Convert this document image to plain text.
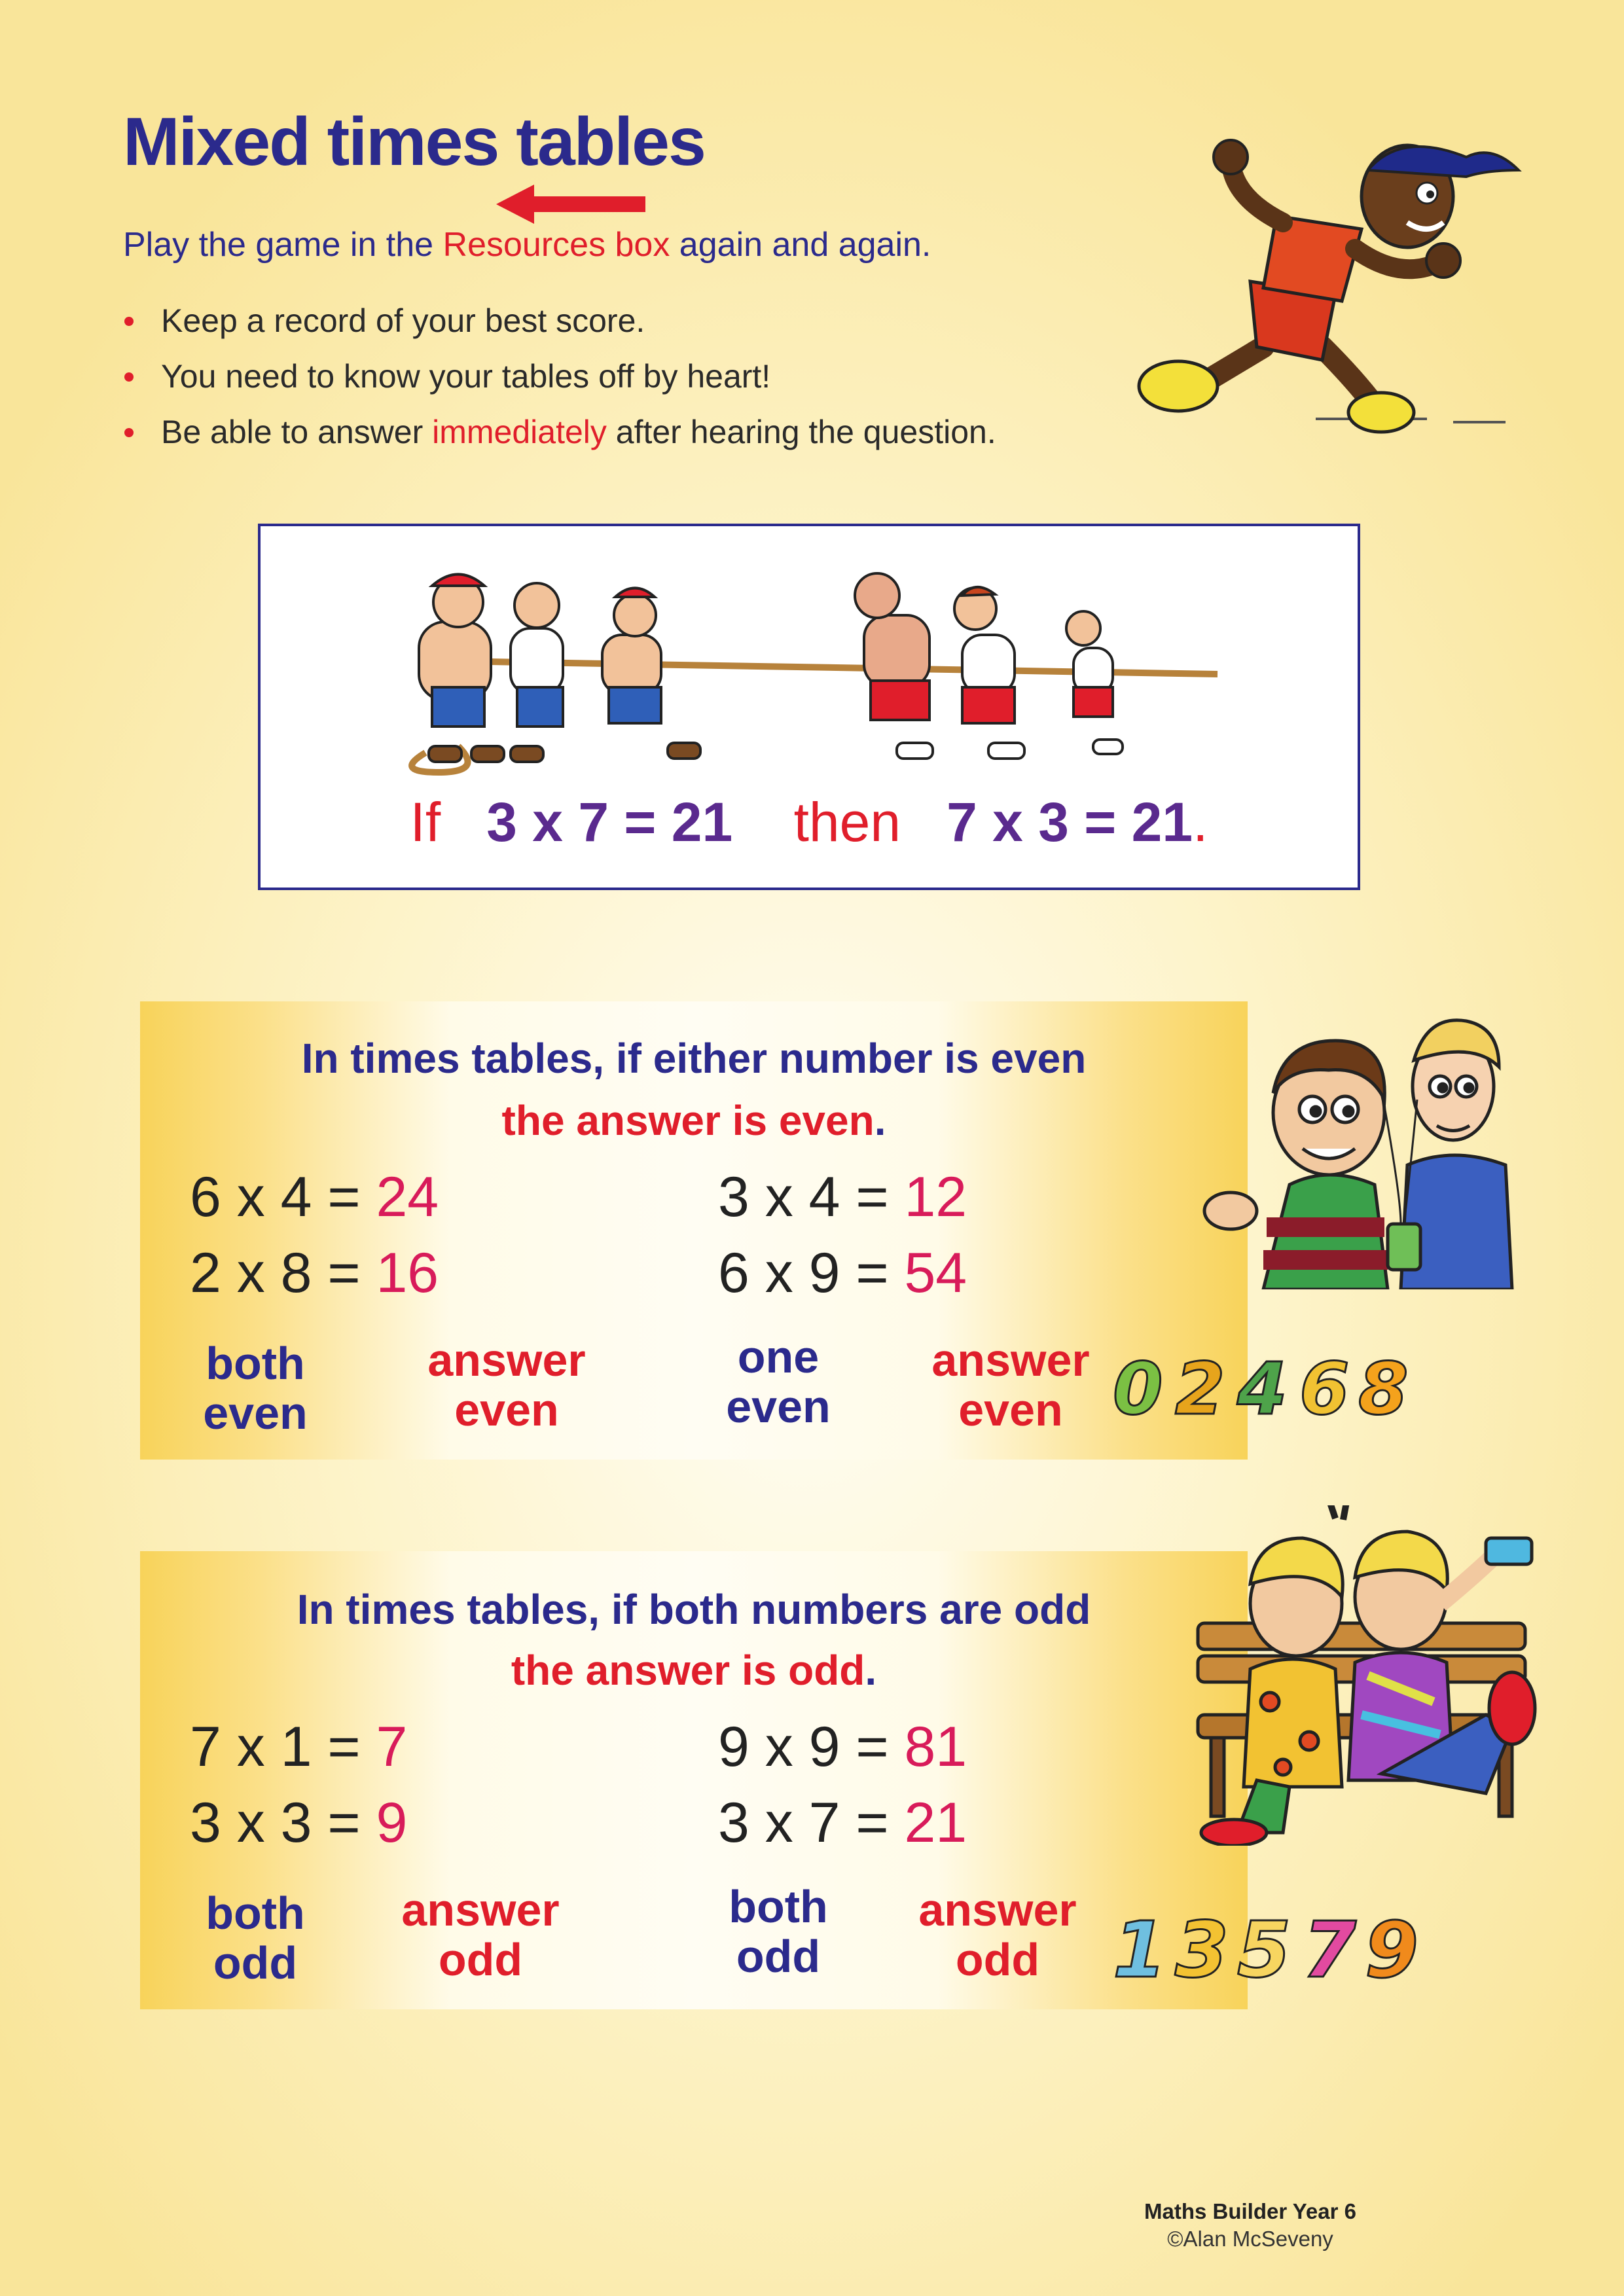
Mixed times tables
Play the game in the Resources box again and again.
Keep a record of your best score.
You need to know your tables off by heart!
Be able to answer immediately after hearing the question.
If 3 x 7 = 21 then 7 x 3 = 21.
In times tables, if either number is even
the answer is even.
6 x 4 = 24
2 x 8 = 16
3 x 4 = 12
6 x 9 = 54
both
even
answer
even
one
even
answer
even 0 2 4 6 8
In times tables, if both numbers are odd
the answer is odd.
7 x 1 = 7
3 x 3 = 9
9 x 9 = 81
3 x 7 = 21
both
odd
answer
odd
both
odd
answer
odd 1 3 5 7 9
Maths Builder Year 6
©Alan McSeveny
